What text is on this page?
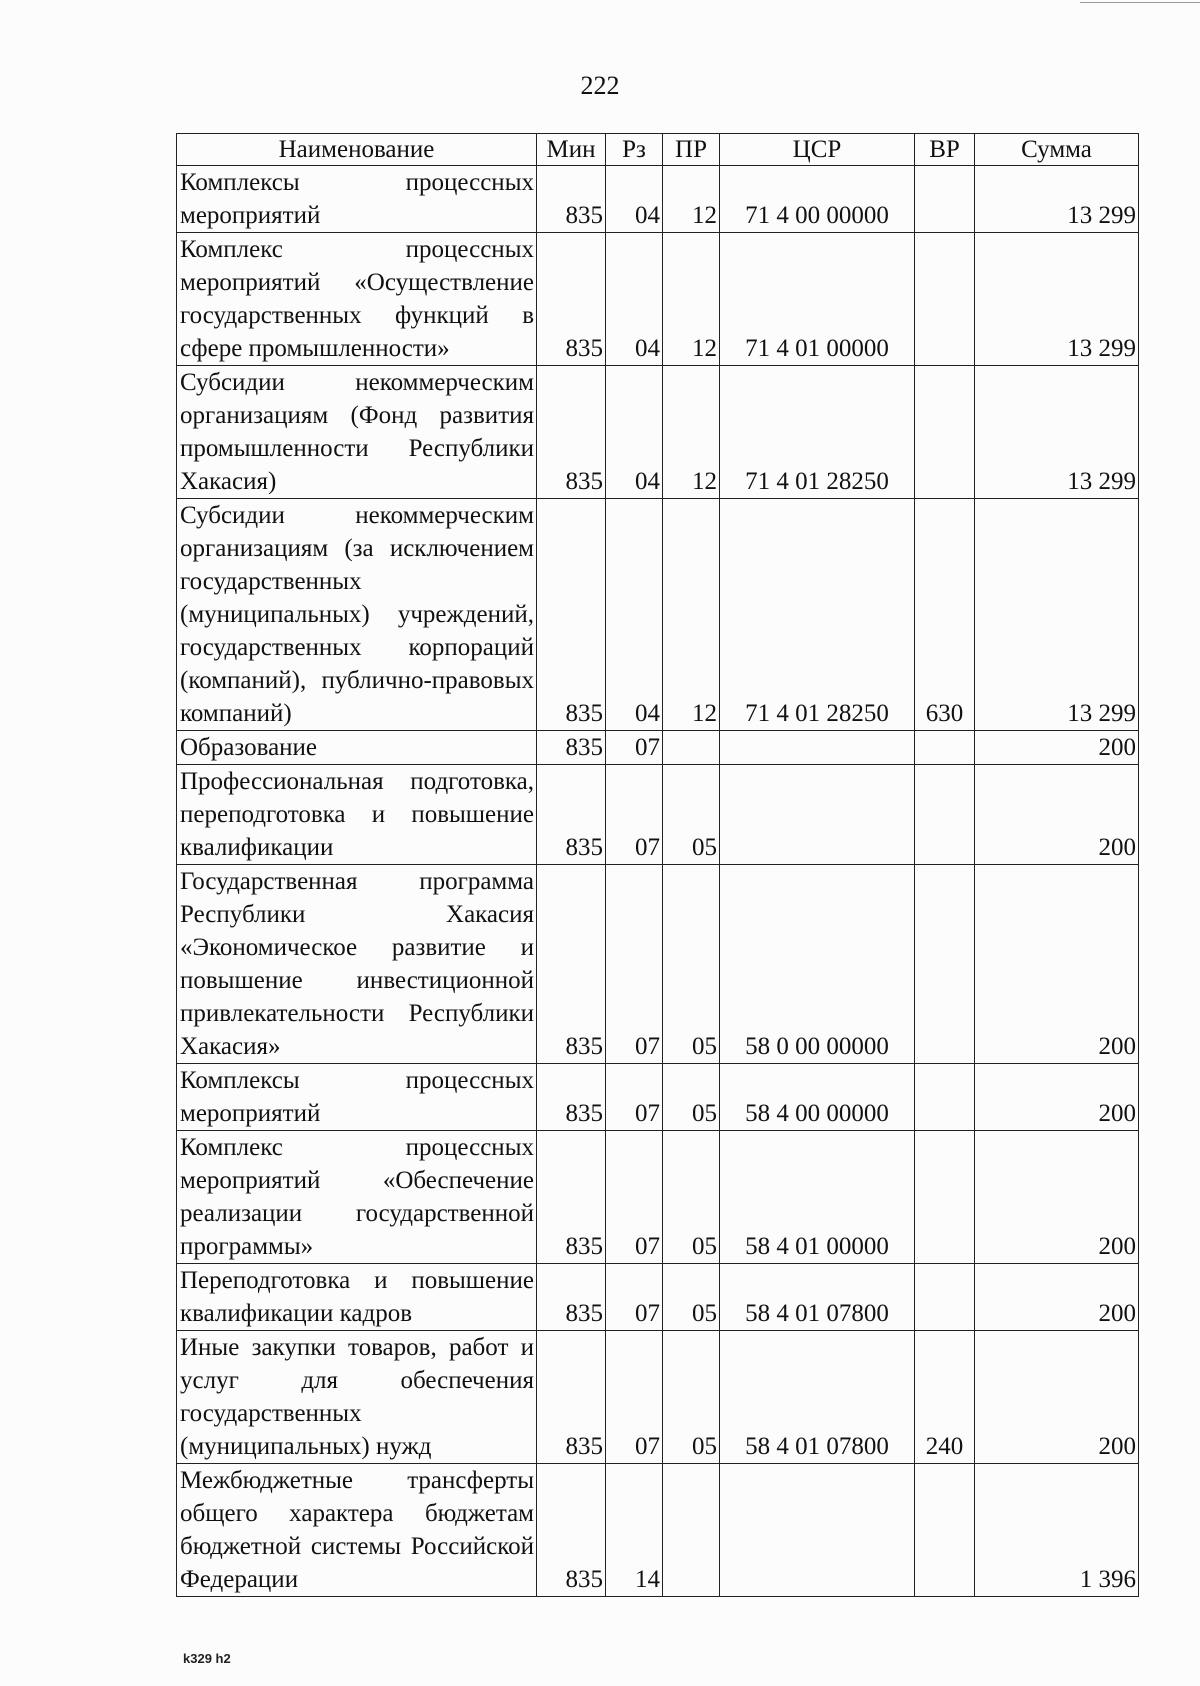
222
Наименование	Мин	Рз	ПР	ЦСР	ВР	Сумма
Комплексы процессных мероприятий	835	04	12	71 4 00 00000		13 299
Комплекс процессных мероприятий «Осуществление государственных функций в сфере промышленности»	835	04	12	71 4 01 00000		13 299
Субсидии некоммерческим организациям (Фонд развития промышленности Республики Хакасия)	835	04	12	71 4 01 28250		13 299
Субсидии некоммерческим организациям (за исключением государственных (муниципальных) учреждений, государственных корпораций (компаний), публично-правовых компаний)	835	04	12	71 4 01 28250	630	13 299
Образование	835	07				200
Профессиональная подготовка, переподготовка и повышение квалификации	835	07	05			200
Государственная программа Республики Хакасия «Экономическое развитие и повышение инвестиционной привлекательности Республики Хакасия»	835	07	05	58 0 00 00000		200
Комплексы процессных мероприятий	835	07	05	58 4 00 00000		200
Комплекс процессных мероприятий «Обеспечение реализации государственной программы»	835	07	05	58 4 01 00000		200
Переподготовка и повышение квалификации кадров	835	07	05	58 4 01 07800		200
Иные закупки товаров, работ и услуг для обеспечения государственных (муниципальных) нужд	835	07	05	58 4 01 07800	240	200
Межбюджетные трансферты общего характера бюджетам бюджетной системы Российской Федерации	835	14				1 396
k329 h2
